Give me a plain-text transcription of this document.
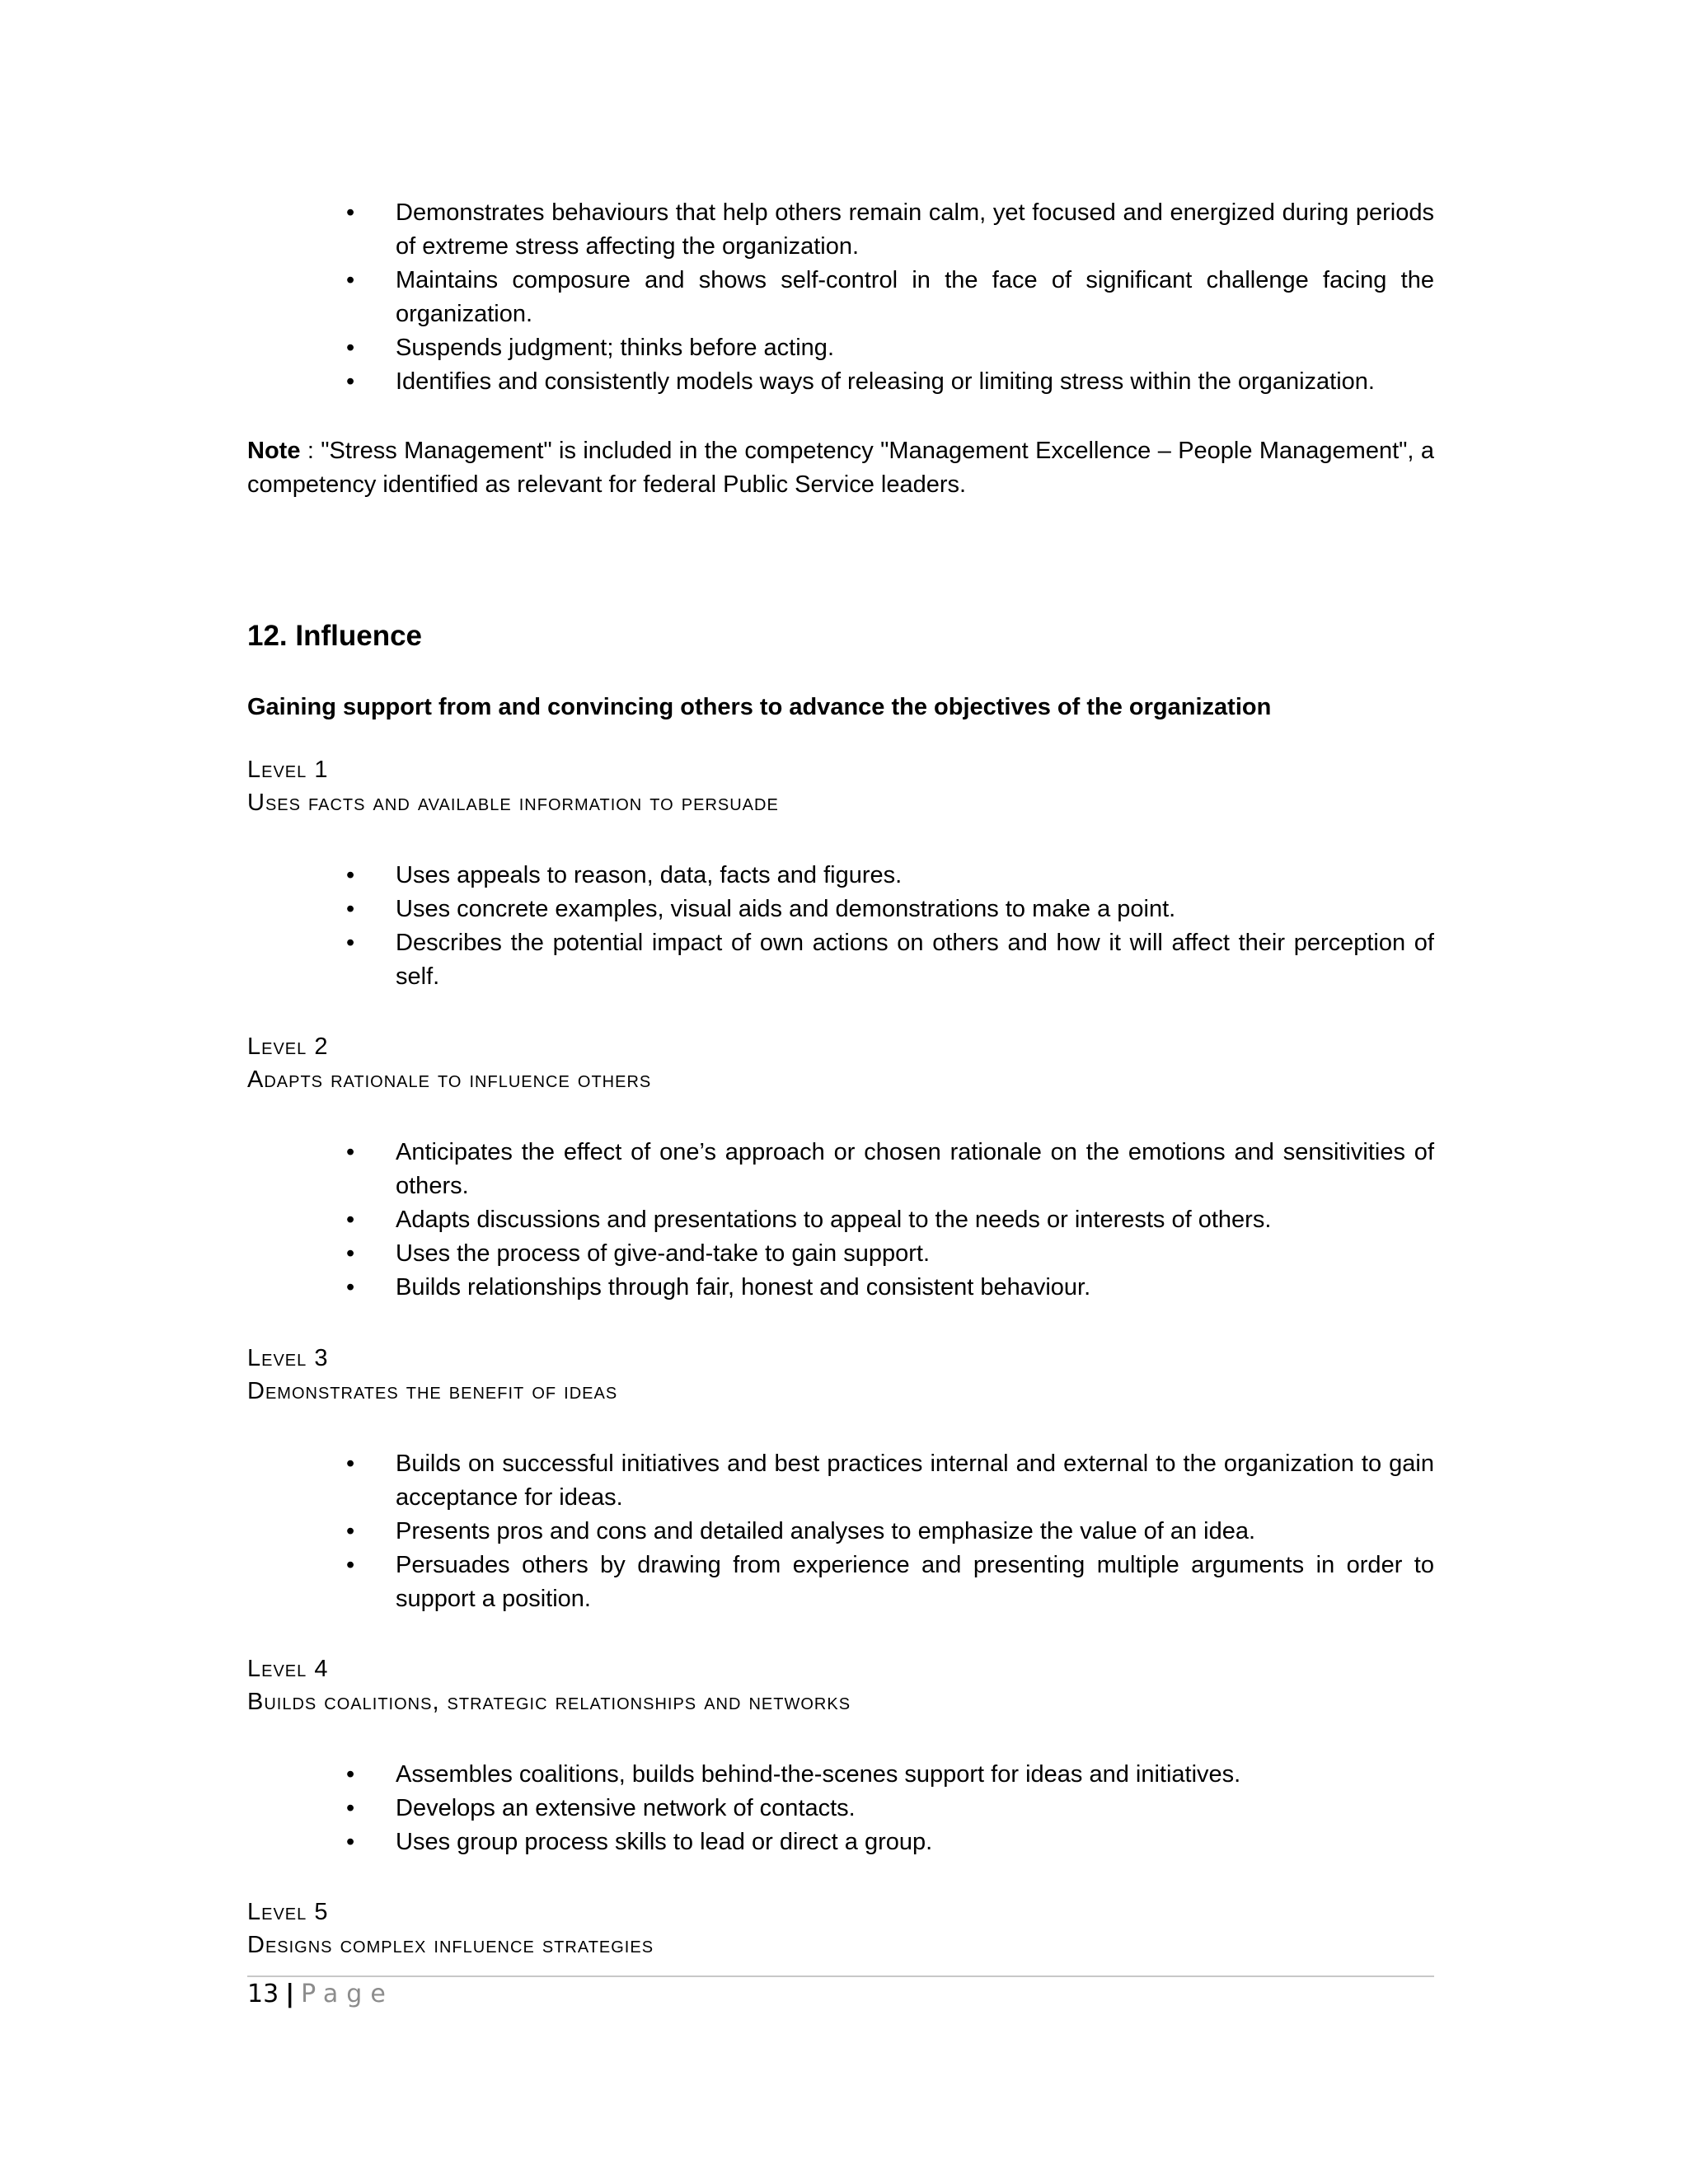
• Demonstrates behaviours that help others remain calm, yet focused and energized during periods of extreme stress affecting the organization.
• Maintains composure and shows self-control in the face of significant challenge facing the organization.
• Suspends judgment; thinks before acting.
• Identifies and consistently models ways of releasing or limiting stress within the organization.
Note : "Stress Management" is included in the competency "Management Excellence – People Management", a competency identified as relevant for federal Public Service leaders.
12. Influence
Gaining support from and convincing others to advance the objectives of the organization
Level 1
Uses facts and available information to persuade
• Uses appeals to reason, data, facts and figures.
• Uses concrete examples, visual aids and demonstrations to make a point.
• Describes the potential impact of own actions on others and how it will affect their perception of self.
Level 2
Adapts rationale to influence others
• Anticipates the effect of one’s approach or chosen rationale on the emotions and sensitivities of others.
• Adapts discussions and presentations to appeal to the needs or interests of others.
• Uses the process of give-and-take to gain support.
• Builds relationships through fair, honest and consistent behaviour.
Level 3
Demonstrates the benefit of ideas
• Builds on successful initiatives and best practices internal and external to the organization to gain acceptance for ideas.
• Presents pros and cons and detailed analyses to emphasize the value of an idea.
• Persuades others by drawing from experience and presenting multiple arguments in order to support a position.
Level 4
Builds coalitions, strategic relationships and networks
• Assembles coalitions, builds behind-the-scenes support for ideas and initiatives.
• Develops an extensive network of contacts.
• Uses group process skills to lead or direct a group.
Level 5
Designs complex influence strategies
13 | Page
